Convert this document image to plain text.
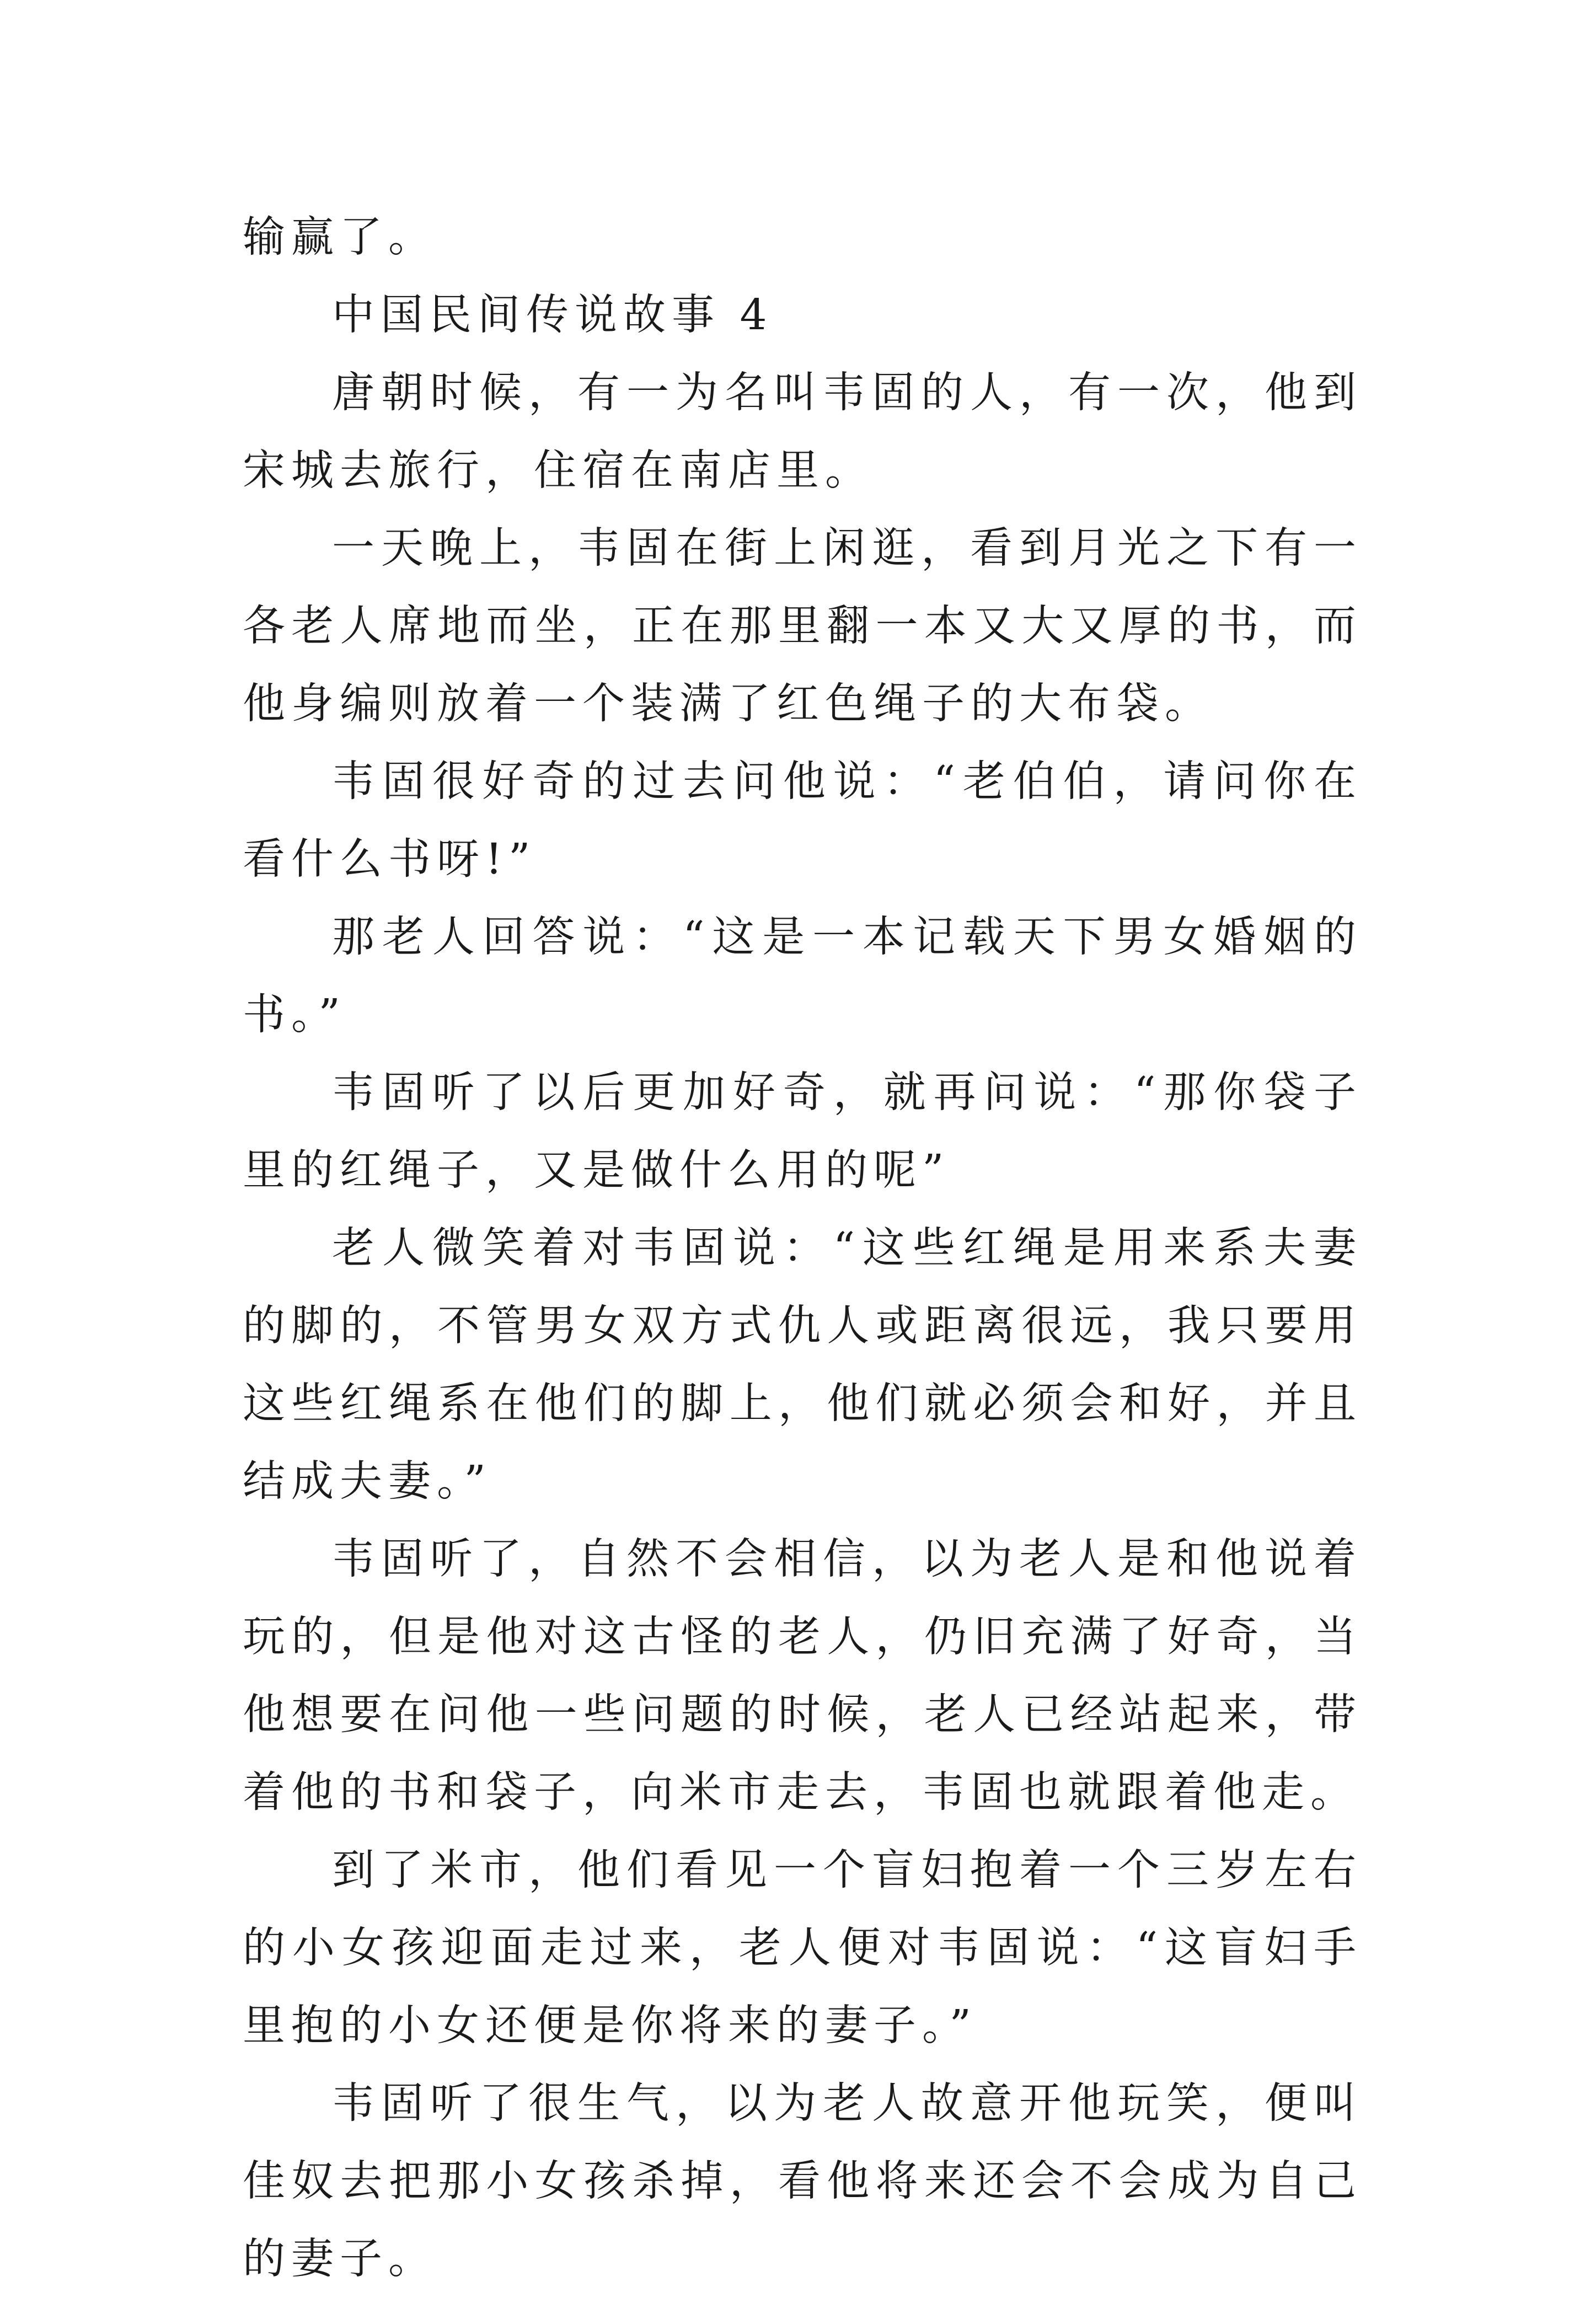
输赢了。

中国民间传说故事 4

唐朝时候，有一为名叫韦固的人，有一次，他到宋城去旅行，住宿在南店里。

一天晚上，韦固在街上闲逛，看到月光之下有一各老人席地而坐，正在那里翻一本又大又厚的书，而他身编则放着一个装满了红色绳子的大布袋。

韦固很好奇的过去问他说：“老伯伯，请问你在看什么书呀!”

那老人回答说：“这是一本记载天下男女婚姻的书。”

韦固听了以后更加好奇，就再问说：“那你袋子里的红绳子，又是做什么用的呢”

老人微笑着对韦固说：“这些红绳是用来系夫妻的脚的，不管男女双方式仇人或距离很远，我只要用这些红绳系在他们的脚上，他们就必须会和好，并且结成夫妻。”

韦固听了，自然不会相信，以为老人是和他说着玩的，但是他对这古怪的老人，仍旧充满了好奇，当他想要在问他一些问题的时候，老人已经站起来，带着他的书和袋子，向米市走去，韦固也就跟着他走。

到了米市，他们看见一个盲妇抱着一个三岁左右的小女孩迎面走过来，老人便对韦固说：“这盲妇手里抱的小女还便是你将来的妻子。”

韦固听了很生气，以为老人故意开他玩笑，便叫佳奴去把那小女孩杀掉，看他将来还会不会成为自己的妻子。
